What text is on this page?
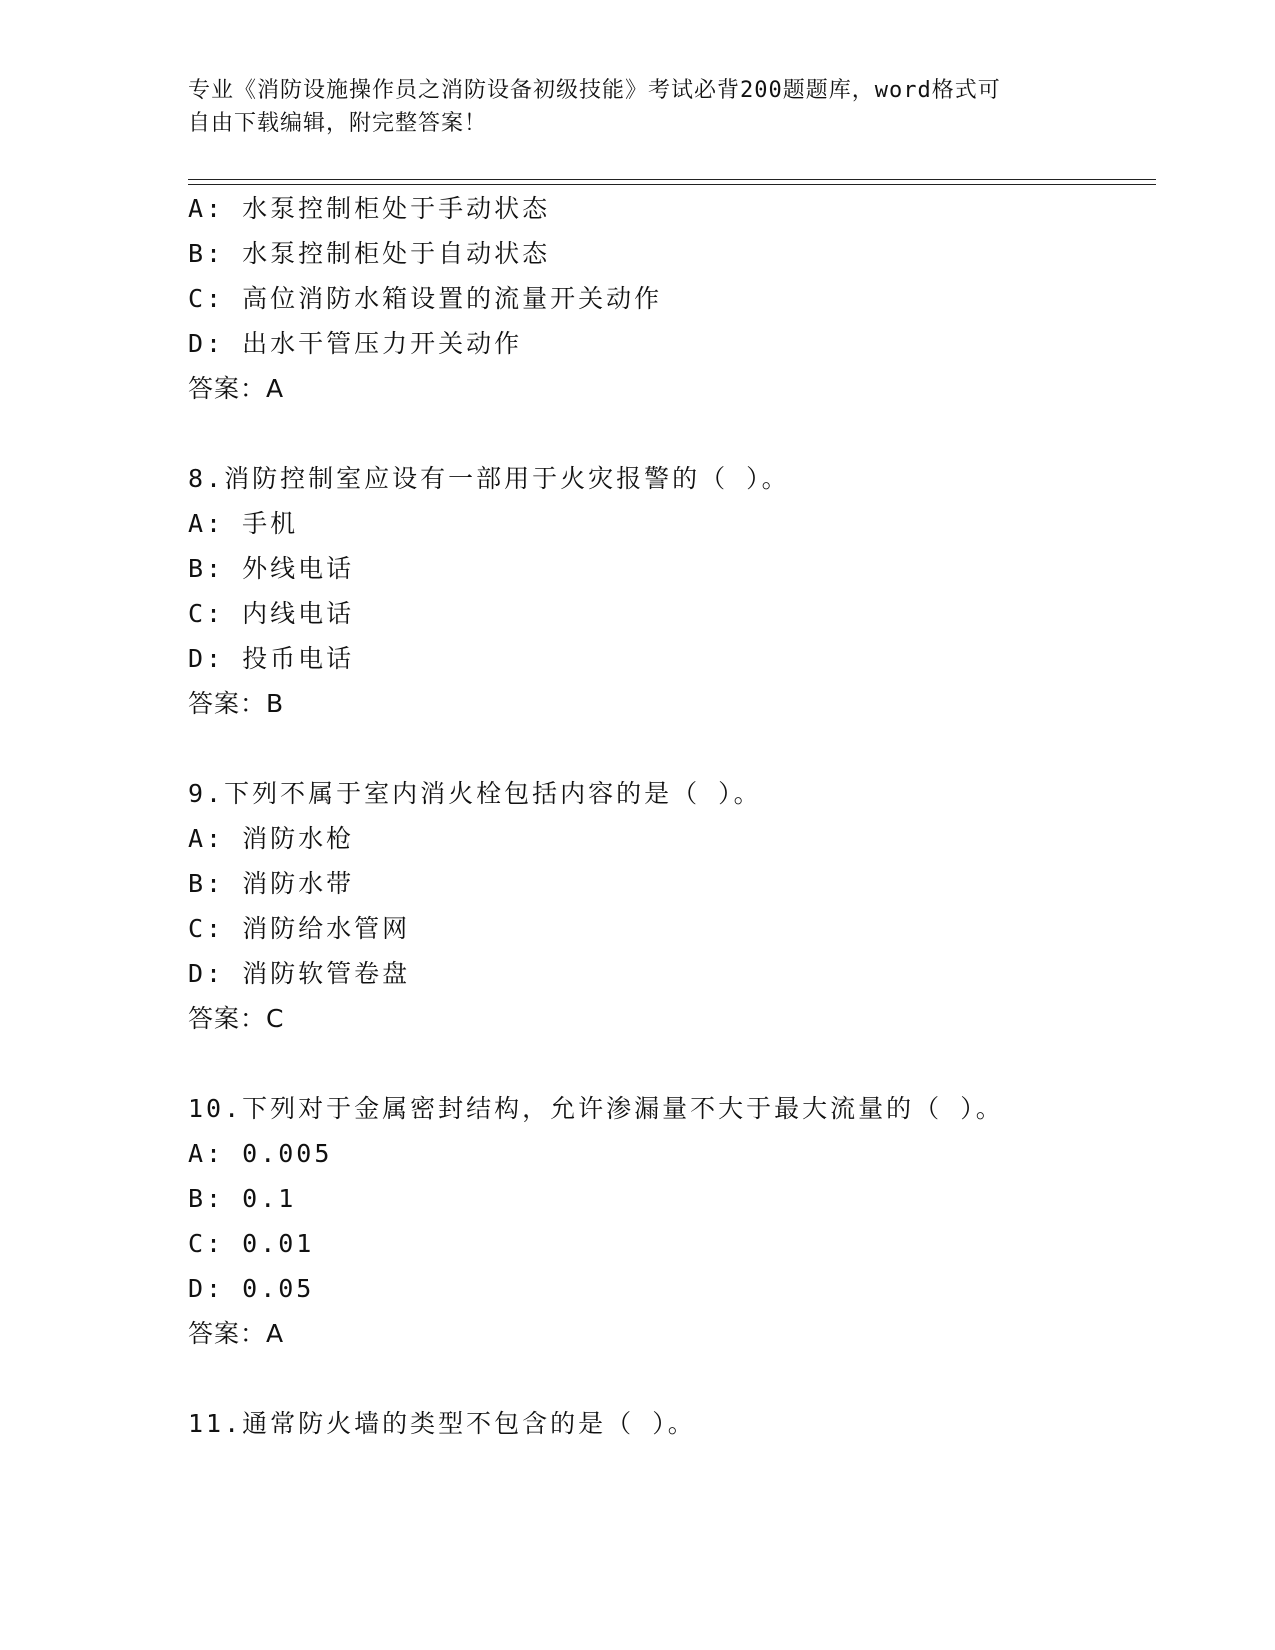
专业《消防设施操作员之消防设备初级技能》考试必背200题题库，word格式可
自由下载编辑，附完整答案！
A: 水泵控制柜处于手动状态
B: 水泵控制柜处于自动状态
C: 高位消防水箱设置的流量开关动作
D: 出水干管压力开关动作
答案：A
8.消防控制室应设有一部用于火灾报警的（ ）。
A: 手机
B: 外线电话
C: 内线电话
D: 投币电话
答案：B
9.下列不属于室内消火栓包括内容的是（ ）。
A: 消防水枪
B: 消防水带
C: 消防给水管网
D: 消防软管卷盘
答案：C
10.下列对于金属密封结构，允许渗漏量不大于最大流量的（ ）。
A: 0.005
B: 0.1
C: 0.01
D: 0.05
答案：A
11.通常防火墙的类型不包含的是（ ）。
